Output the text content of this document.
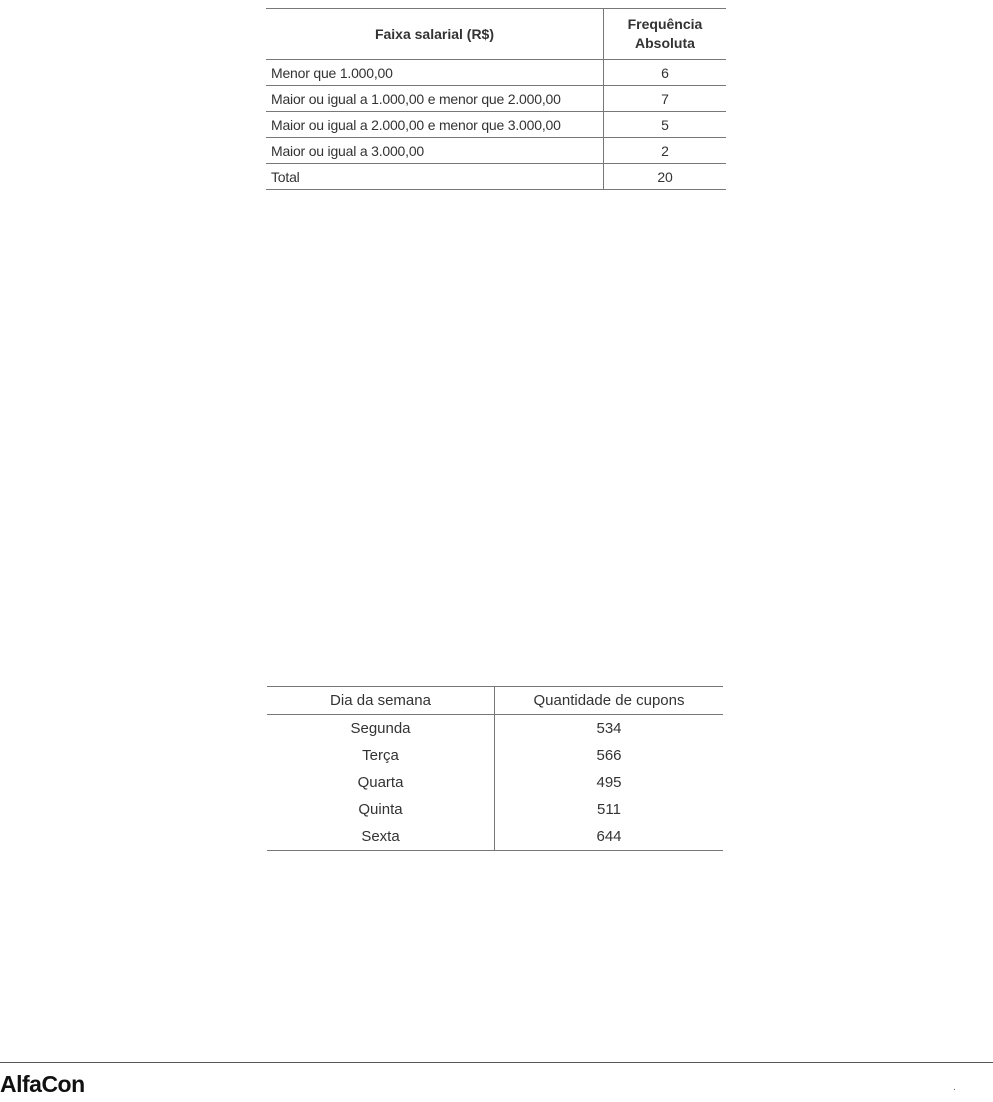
Faixa salarial (R$)	Frequência
Absoluta
Menor que 1.000,00	6
Maior ou igual a 1.000,00 e menor que 2.000,00	7
Maior ou igual a 2.000,00 e menor que 3.000,00	5
Maior ou igual a 3.000,00	2
Total	20
Dia da semana	Quantidade de cupons
Segunda	534
Terça	566
Quarta	495
Quinta	511
Sexta	644
AlfaCon	.
